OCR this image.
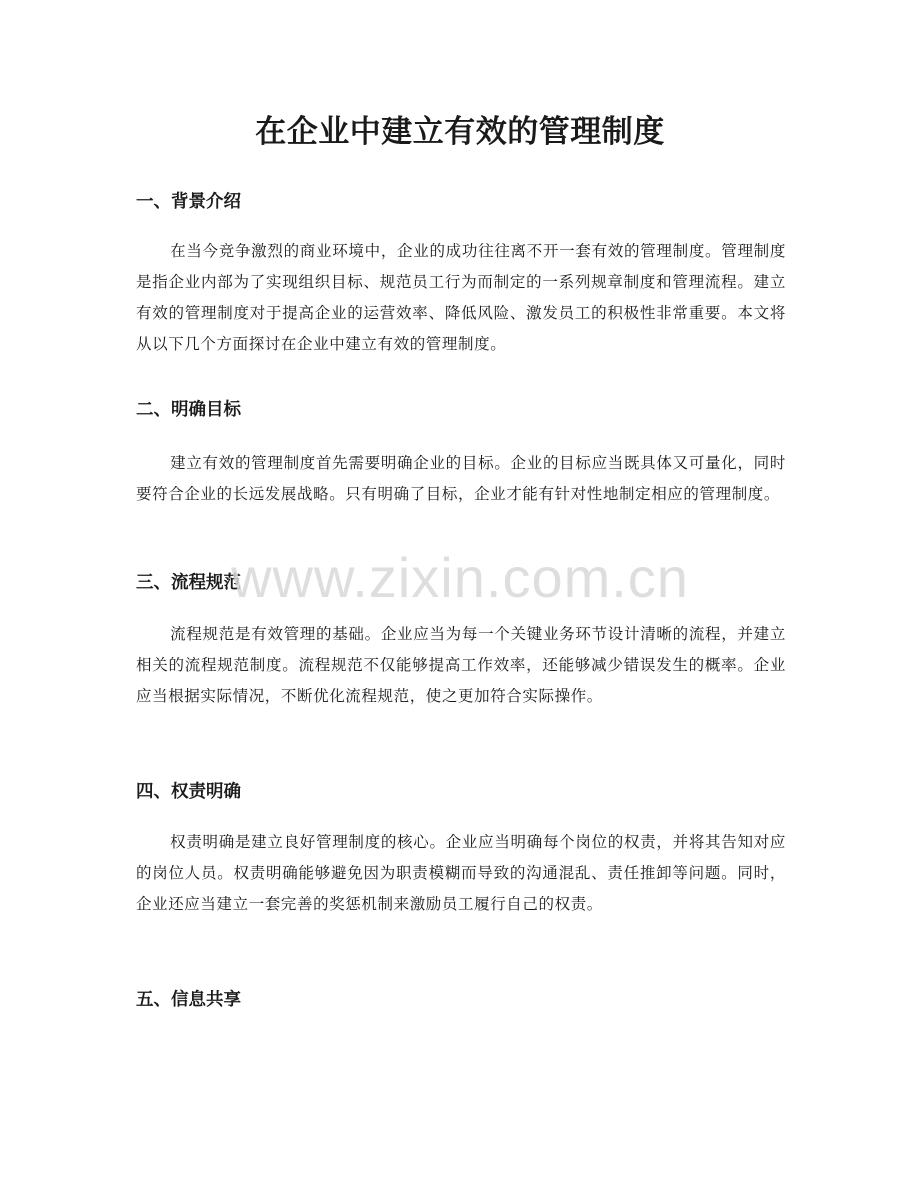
在企业中建立有效的管理制度
一、背景介绍
在当今竞争激烈的商业环境中，企业的成功往往离不开一套有效的管理制度。管理制度是指企业内部为了实现组织目标、规范员工行为而制定的一系列规章制度和管理流程。建立有效的管理制度对于提高企业的运营效率、降低风险、激发员工的积极性非常重要。本文将从以下几个方面探讨在企业中建立有效的管理制度。
二、明确目标
建立有效的管理制度首先需要明确企业的目标。企业的目标应当既具体又可量化，同时要符合企业的长远发展战略。只有明确了目标，企业才能有针对性地制定相应的管理制度。
三、流程规范
流程规范是有效管理的基础。企业应当为每一个关键业务环节设计清晰的流程，并建立相关的流程规范制度。流程规范不仅能够提高工作效率，还能够减少错误发生的概率。企业应当根据实际情况，不断优化流程规范，使之更加符合实际操作。
四、权责明确
权责明确是建立良好管理制度的核心。企业应当明确每个岗位的权责，并将其告知对应的岗位人员。权责明确能够避免因为职责模糊而导致的沟通混乱、责任推卸等问题。同时，企业还应当建立一套完善的奖惩机制来激励员工履行自己的权责。
五、信息共享
www.zixin.com.cn
